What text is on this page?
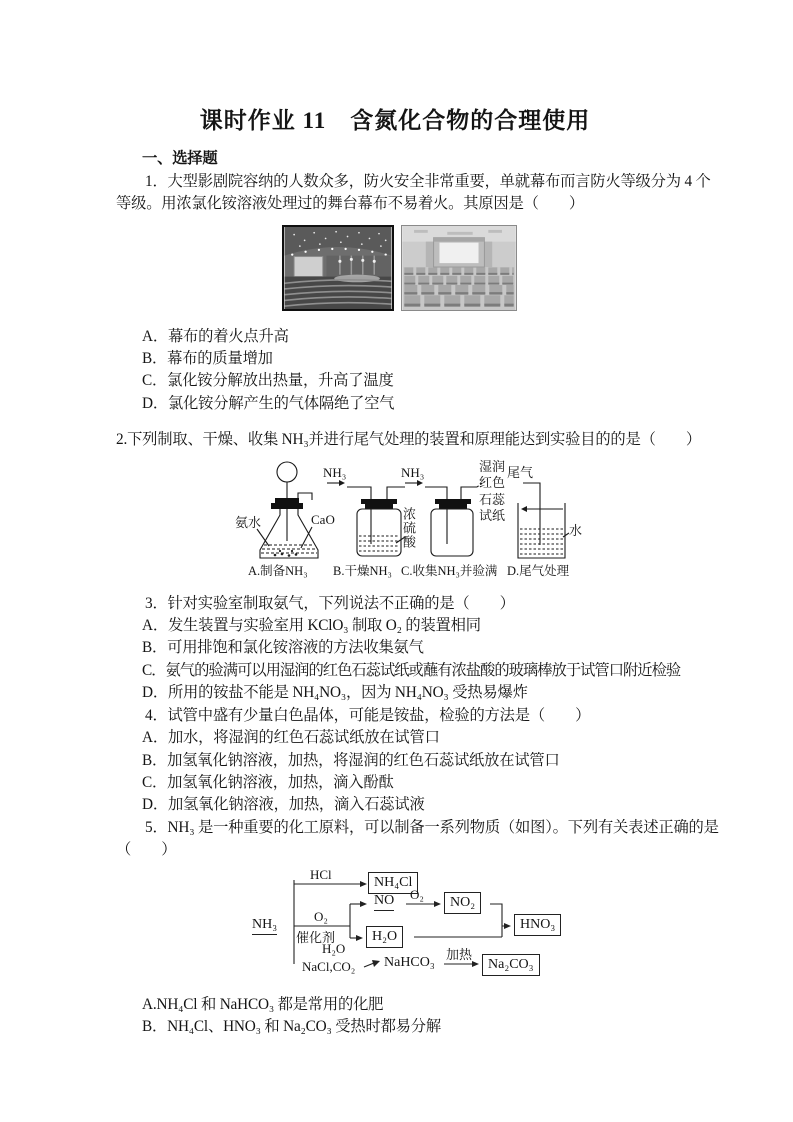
课时作业 11　含氮化合物的合理使用
一、选择题

1．大型影剧院容纳的人数众多，防火安全非常重要，单就幕布而言防火等级分为 4 个

等级。用浓氯化铵溶液处理过的舞台幕布不易着火。其原因是（　　）

A．幕布的着火点升高
B．幕布的质量增加
C．氯化铵分解放出热量，升高了温度
D．氯化铵分解产生的气体隔绝了空气

2.下列制取、干燥、收集 NH₃并进行尾气处理的装置和原理能达到实验目的的是（　　）

氨水	CaO
NH₃
浓硫酸
NH₃	湿润红色石蕊试纸
尾气
水
A.制备NH₃ B.干燥NH₃ C.收集NH₃并验满 D.尾气处理

3．针对实验室制取氨气，下列说法不正确的是（　　）

A．发生装置与实验室用 KClO₃ 制取 O₂ 的装置相同
B．可用排饱和氯化铵溶液的方法收集氨气
C．氨气的验满可以用湿润的红色石蕊试纸或蘸有浓盐酸的玻璃棒放于试管口附近检验
D．所用的铵盐不能是 NH₄NO₃，因为 NH₄NO₃ 受热易爆炸

4．试管中盛有少量白色晶体，可能是铵盐，检验的方法是（　　）

A．加水，将湿润的红色石蕊试纸放在试管口
B．加氢氧化钠溶液，加热，将湿润的红色石蕊试纸放在试管口
C．加氢氧化钠溶液，加热，滴入酚酞
D．加氢氧化钠溶液，加热，滴入石蕊试液

5．NH₃ 是一种重要的化工原料，可以制备一系列物质（如图）。下列有关表述正确的是

（　　）

NH₃
HCl
NH₄Cl
O₂
催化剂
NO O₂
NO₂
H₂O
HNO₃
H₂O
NaCl,CO₂ NaHCO₃
加热
Na₂CO₃
A.NH₄Cl 和 NaHCO₃ 都是常用的化肥
B．NH₄Cl、HNO₃ 和 Na₂CO₃ 受热时都易分解
